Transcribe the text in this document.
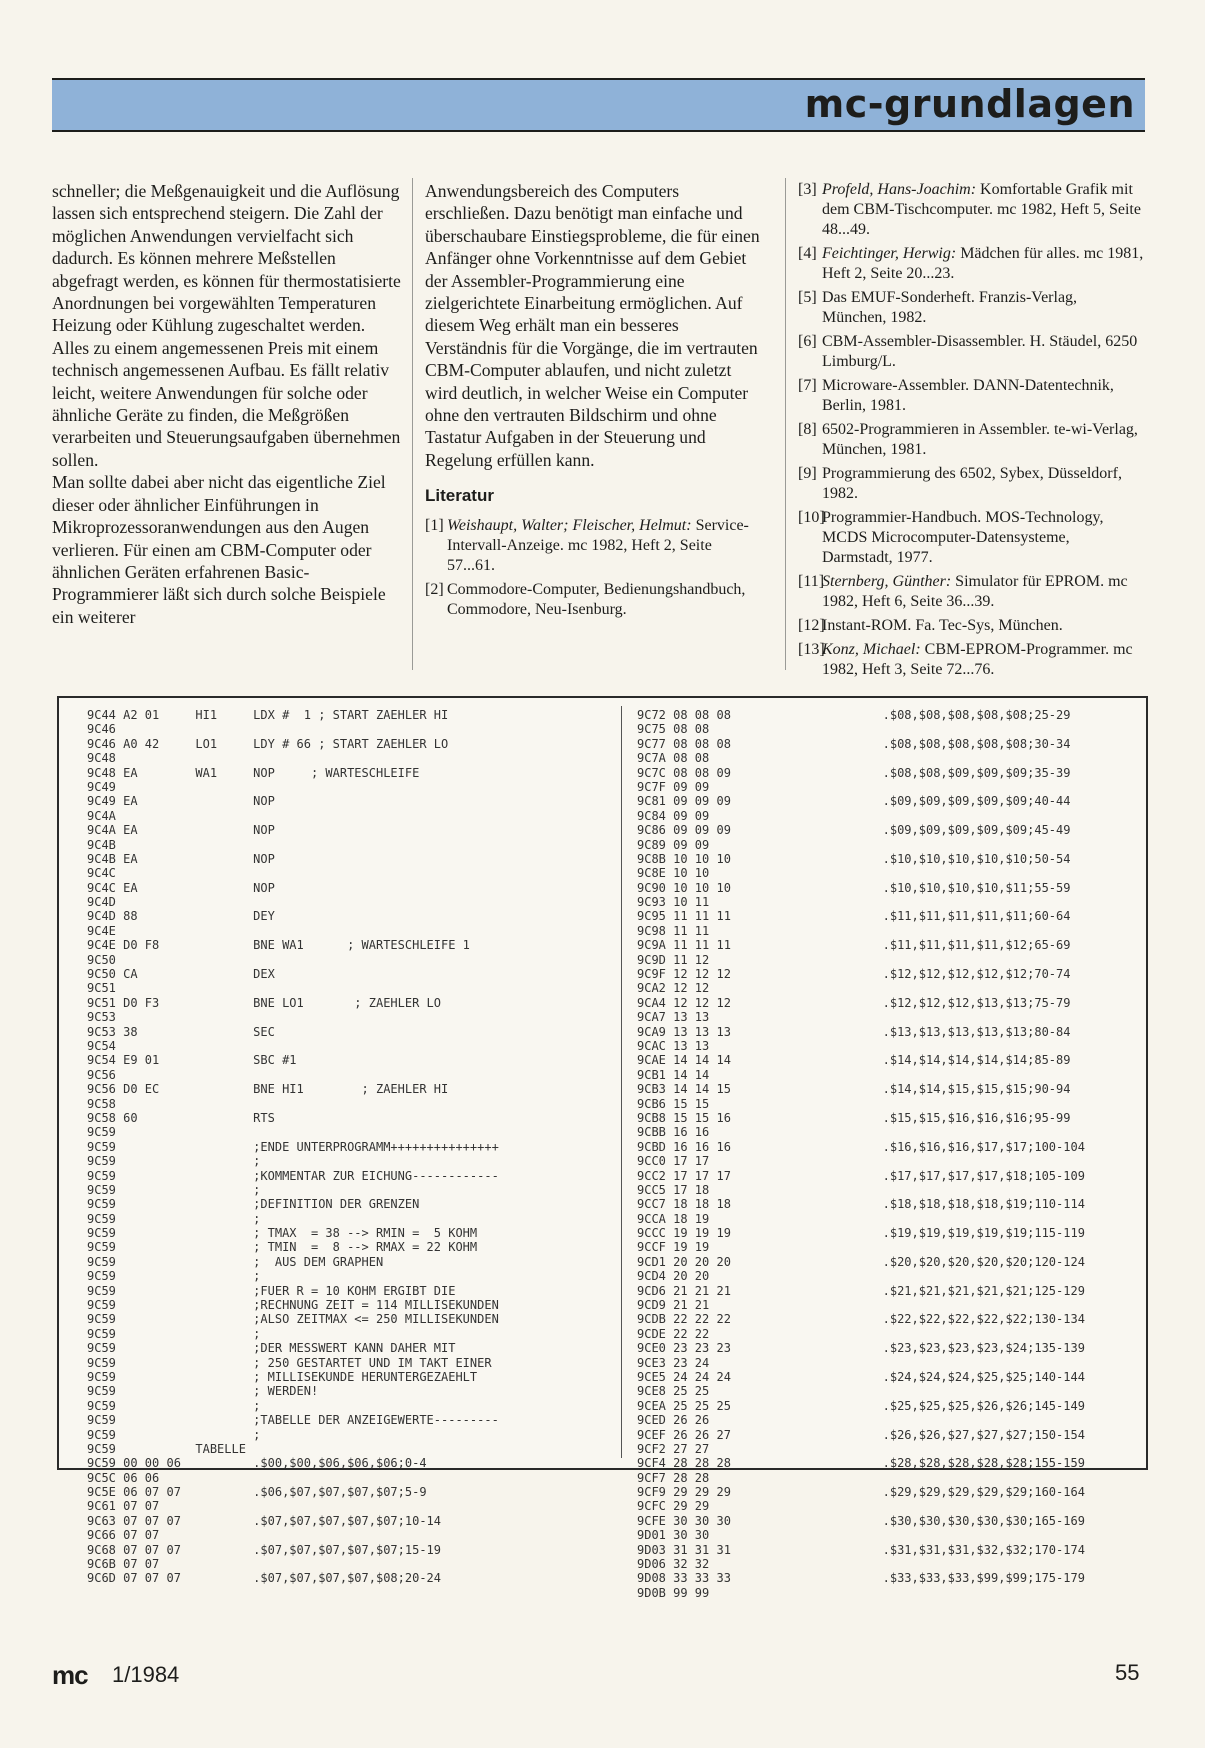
mc-grundlagen

schneller; die Meßgenauigkeit und die Auflösung lassen sich entsprechend steigern. Die Zahl der möglichen Anwendungen vervielfacht sich dadurch. Es können mehrere Meßstellen abgefragt werden, es können für thermostatisierte Anordnungen bei vorgewählten Temperaturen Heizung oder Kühlung zugeschaltet werden. Alles zu einem angemessenen Preis mit einem technisch angemessenen Aufbau. Es fällt relativ leicht, weitere Anwendungen für solche oder ähnliche Geräte zu finden, die Meßgrößen verarbeiten und Steuerungsaufgaben übernehmen sollen.

Man sollte dabei aber nicht das eigentliche Ziel dieser oder ähnlicher Einführungen in Mikroprozessoranwendungen aus den Augen verlieren. Für einen am CBM-Computer oder ähnlichen Geräten erfahrenen Basic-Programmierer läßt sich durch solche Beispiele ein weiterer

Anwendungsbereich des Computers erschließen. Dazu benötigt man einfache und überschaubare Einstiegsprobleme, die für einen Anfänger ohne Vorkenntnisse auf dem Gebiet der Assembler-Programmierung eine zielgerichtete Einarbeitung ermöglichen. Auf diesem Weg erhält man ein besseres Verständnis für die Vorgänge, die im vertrauten CBM-Computer ablaufen, und nicht zuletzt wird deutlich, in welcher Weise ein Computer ohne den vertrauten Bildschirm und ohne Tastatur Aufgaben in der Steuerung und Regelung erfüllen kann.

Literatur
[1] Weishaupt, Walter; Fleischer, Helmut: Service-Intervall-Anzeige. mc 1982, Heft 2, Seite 57...61.
[2] Commodore-Computer, Bedienungshandbuch, Commodore, Neu-Isenburg.
[3] Profeld, Hans-Joachim: Komfortable Grafik mit dem CBM-Tischcomputer. mc 1982, Heft 5, Seite 48...49.
[4] Feichtinger, Herwig: Mädchen für alles. mc 1981, Heft 2, Seite 20...23.
[5] Das EMUF-Sonderheft. Franzis-Verlag, München, 1982.
[6] CBM-Assembler-Disassembler. H. Stäudel, 6250 Limburg/L.
[7] Microware-Assembler. DANN-Datentechnik, Berlin, 1981.
[8] 6502-Programmieren in Assembler. te-wi-Verlag, München, 1981.
[9] Programmierung des 6502, Sybex, Düsseldorf, 1982.
[10]
Programmier-Handbuch. MOS-Technology, MCDS Microcomputer-Datensysteme, Darmstadt, 1977.
[11]
Sternberg, Günther: Simulator für EPROM. mc 1982, Heft 6, Seite 36...39.
[12]
Instant-ROM. Fa. Tec-Sys, München.
[13]
Konz, Michael: CBM-EPROM-Programmer. mc 1982, Heft 3, Seite 72...76.
9C44 A2 01     HI1     LDX #  1 ; START ZAEHLER HI
9C46
9C46 A0 42     LO1     LDY # 66 ; START ZAEHLER LO
9C48
9C48 EA        WA1     NOP     ; WARTESCHLEIFE
9C49
9C49 EA                NOP
9C4A
9C4A EA                NOP
9C4B
9C4B EA                NOP
9C4C
9C4C EA                NOP
9C4D
9C4D 88                DEY
9C4E
9C4E D0 F8             BNE WA1      ; WARTESCHLEIFE 1
9C50
9C50 CA                DEX
9C51
9C51 D0 F3             BNE LO1       ; ZAEHLER LO
9C53
9C53 38                SEC
9C54
9C54 E9 01             SBC #1
9C56
9C56 D0 EC             BNE HI1        ; ZAEHLER HI
9C58
9C58 60                RTS
9C59
9C59                   ;ENDE UNTERPROGRAMM+++++++++++++++
9C59                   ;
9C59                   ;KOMMENTAR ZUR EICHUNG------------
9C59                   ;
9C59                   ;DEFINITION DER GRENZEN
9C59                   ;
9C59                   ; TMAX  = 38 --> RMIN =  5 KOHM
9C59                   ; TMIN  =  8 --> RMAX = 22 KOHM
9C59                   ;  AUS DEM GRAPHEN
9C59                   ;
9C59                   ;FUER R = 10 KOHM ERGIBT DIE
9C59                   ;RECHNUNG ZEIT = 114 MILLISEKUNDEN
9C59                   ;ALSO ZEITMAX <= 250 MILLISEKUNDEN
9C59                   ;
9C59                   ;DER MESSWERT KANN DAHER MIT
9C59                   ; 250 GESTARTET UND IM TAKT EINER
9C59                   ; MILLISEKUNDE HERUNTERGEZAEHLT
9C59                   ; WERDEN!
9C59                   ;
9C59                   ;TABELLE DER ANZEIGEWERTE---------
9C59                   ;
9C59           TABELLE
9C59 00 00 06          .$00,$00,$06,$06,$06;0-4
9C5C 06 06
9C5E 06 07 07          .$06,$07,$07,$07,$07;5-9
9C61 07 07
9C63 07 07 07          .$07,$07,$07,$07,$07;10-14
9C66 07 07
9C68 07 07 07          .$07,$07,$07,$07,$07;15-19
9C6B 07 07
9C6D 07 07 07          .$07,$07,$07,$07,$08;20-24
9C72 08 08 08                     .$08,$08,$08,$08,$08;25-29
9C75 08 08
9C77 08 08 08                     .$08,$08,$08,$08,$08;30-34
9C7A 08 08
9C7C 08 08 09                     .$08,$08,$09,$09,$09;35-39
9C7F 09 09
9C81 09 09 09                     .$09,$09,$09,$09,$09;40-44
9C84 09 09
9C86 09 09 09                     .$09,$09,$09,$09,$09;45-49
9C89 09 09
9C8B 10 10 10                     .$10,$10,$10,$10,$10;50-54
9C8E 10 10
9C90 10 10 10                     .$10,$10,$10,$10,$11;55-59
9C93 10 11
9C95 11 11 11                     .$11,$11,$11,$11,$11;60-64
9C98 11 11
9C9A 11 11 11                     .$11,$11,$11,$11,$12;65-69
9C9D 11 12
9C9F 12 12 12                     .$12,$12,$12,$12,$12;70-74
9CA2 12 12
9CA4 12 12 12                     .$12,$12,$12,$13,$13;75-79
9CA7 13 13
9CA9 13 13 13                     .$13,$13,$13,$13,$13;80-84
9CAC 13 13
9CAE 14 14 14                     .$14,$14,$14,$14,$14;85-89
9CB1 14 14
9CB3 14 14 15                     .$14,$14,$15,$15,$15;90-94
9CB6 15 15
9CB8 15 15 16                     .$15,$15,$16,$16,$16;95-99
9CBB 16 16
9CBD 16 16 16                     .$16,$16,$16,$17,$17;100-104
9CC0 17 17
9CC2 17 17 17                     .$17,$17,$17,$17,$18;105-109
9CC5 17 18
9CC7 18 18 18                     .$18,$18,$18,$18,$19;110-114
9CCA 18 19
9CCC 19 19 19                     .$19,$19,$19,$19,$19;115-119
9CCF 19 19
9CD1 20 20 20                     .$20,$20,$20,$20,$20;120-124
9CD4 20 20
9CD6 21 21 21                     .$21,$21,$21,$21,$21;125-129
9CD9 21 21
9CDB 22 22 22                     .$22,$22,$22,$22,$22;130-134
9CDE 22 22
9CE0 23 23 23                     .$23,$23,$23,$23,$24;135-139
9CE3 23 24
9CE5 24 24 24                     .$24,$24,$24,$25,$25;140-144
9CE8 25 25
9CEA 25 25 25                     .$25,$25,$25,$26,$26;145-149
9CED 26 26
9CEF 26 26 27                     .$26,$26,$27,$27,$27;150-154
9CF2 27 27
9CF4 28 28 28                     .$28,$28,$28,$28,$28;155-159
9CF7 28 28
9CF9 29 29 29                     .$29,$29,$29,$29,$29;160-164
9CFC 29 29
9CFE 30 30 30                     .$30,$30,$30,$30,$30;165-169
9D01 30 30
9D03 31 31 31                     .$31,$31,$31,$32,$32;170-174
9D06 32 32
9D08 33 33 33                     .$33,$33,$33,$99,$99;175-179
9D0B 99 99
mc 1/1984	55
